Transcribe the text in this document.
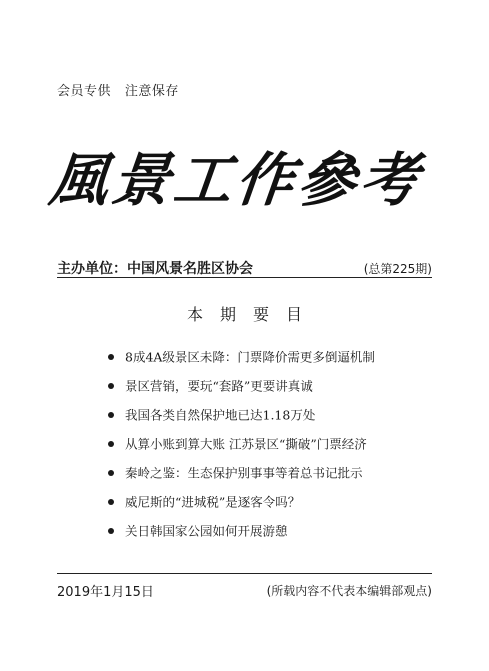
会员专供   注意保存
風景工作參考
主办单位：中国风景名胜区协会	(总第225期)
本期要目
8成4A级景区未降：门票降价需更多倒逼机制
景区营销，要玩“套路”更要讲真诚
我国各类自然保护地已达1.18万处
从算小账到算大账 江苏景区“撕破”门票经济
秦岭之鉴：生态保护别事事等着总书记批示
威尼斯的“进城税”是逐客令吗？
关日韩国家公园如何开展游憩
2019年1月15日	(所载内容不代表本编辑部观点)
